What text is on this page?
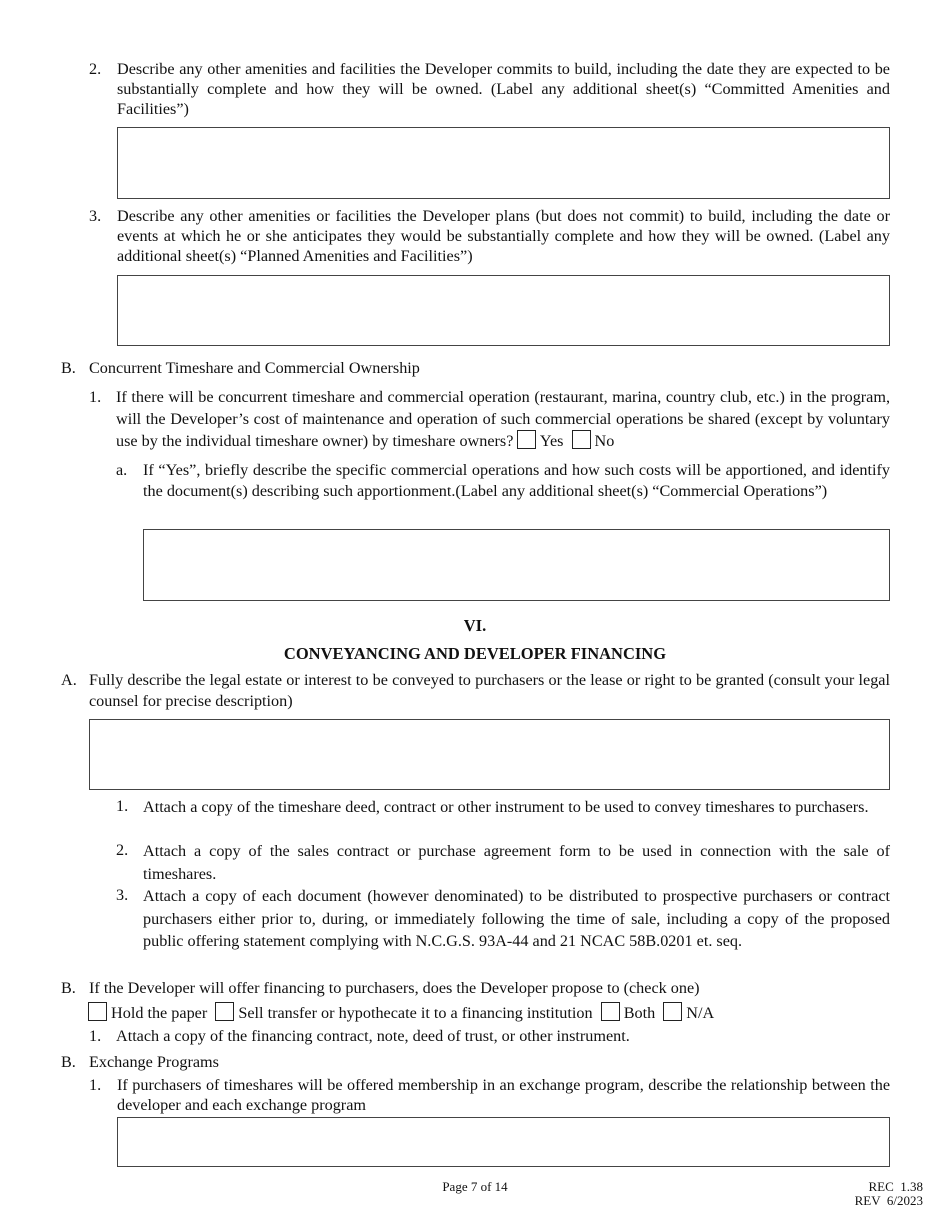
2. Describe any other amenities and facilities the Developer commits to build, including the date they are expected to be substantially complete and how they will be owned. (Label any additional sheet(s) “Committed Amenities and Facilities”)
3. Describe any other amenities or facilities the Developer plans (but does not commit) to build, including the date or events at which he or she anticipates they would be substantially complete and how they will be owned. (Label any additional sheet(s) “Planned Amenities and Facilities”)
B. Concurrent Timeshare and Commercial Ownership
1. If there will be concurrent timeshare and commercial operation (restaurant, marina, country club, etc.) in the program, will the Developer’s cost of maintenance and operation of such commercial operations be shared (except by voluntary use by the individual timeshare owner) by timeshare owners? Yes No
a. If “Yes”, briefly describe the specific commercial operations and how such costs will be apportioned, and identify the document(s) describing such apportionment.(Label any additional sheet(s) “Commercial Operations”)
VI.
CONVEYANCING AND DEVELOPER FINANCING
A. Fully describe the legal estate or interest to be conveyed to purchasers or the lease or right to be granted (consult your legal counsel for precise description)
1. Attach a copy of the timeshare deed, contract or other instrument to be used to convey timeshares to purchasers.
2. Attach a copy of the sales contract or purchase agreement form to be used in connection with the sale of timeshares.
3. Attach a copy of each document (however denominated) to be distributed to prospective purchasers or contract purchasers either prior to, during, or immediately following the time of sale, including a copy of the proposed public offering statement complying with N.C.G.S. 93A-44 and 21 NCAC 58B.0201 et. seq.
B. If the Developer will offer financing to purchasers, does the Developer propose to (check one)
Hold the paper Sell transfer or hypothecate it to a financing institution Both N/A
1. Attach a copy of the financing contract, note, deed of trust, or other instrument.
B. Exchange Programs
1. If purchasers of timeshares will be offered membership in an exchange program, describe the relationship between the developer and each exchange program
Page 7 of 14	REC  1.38
REV  6/2023
